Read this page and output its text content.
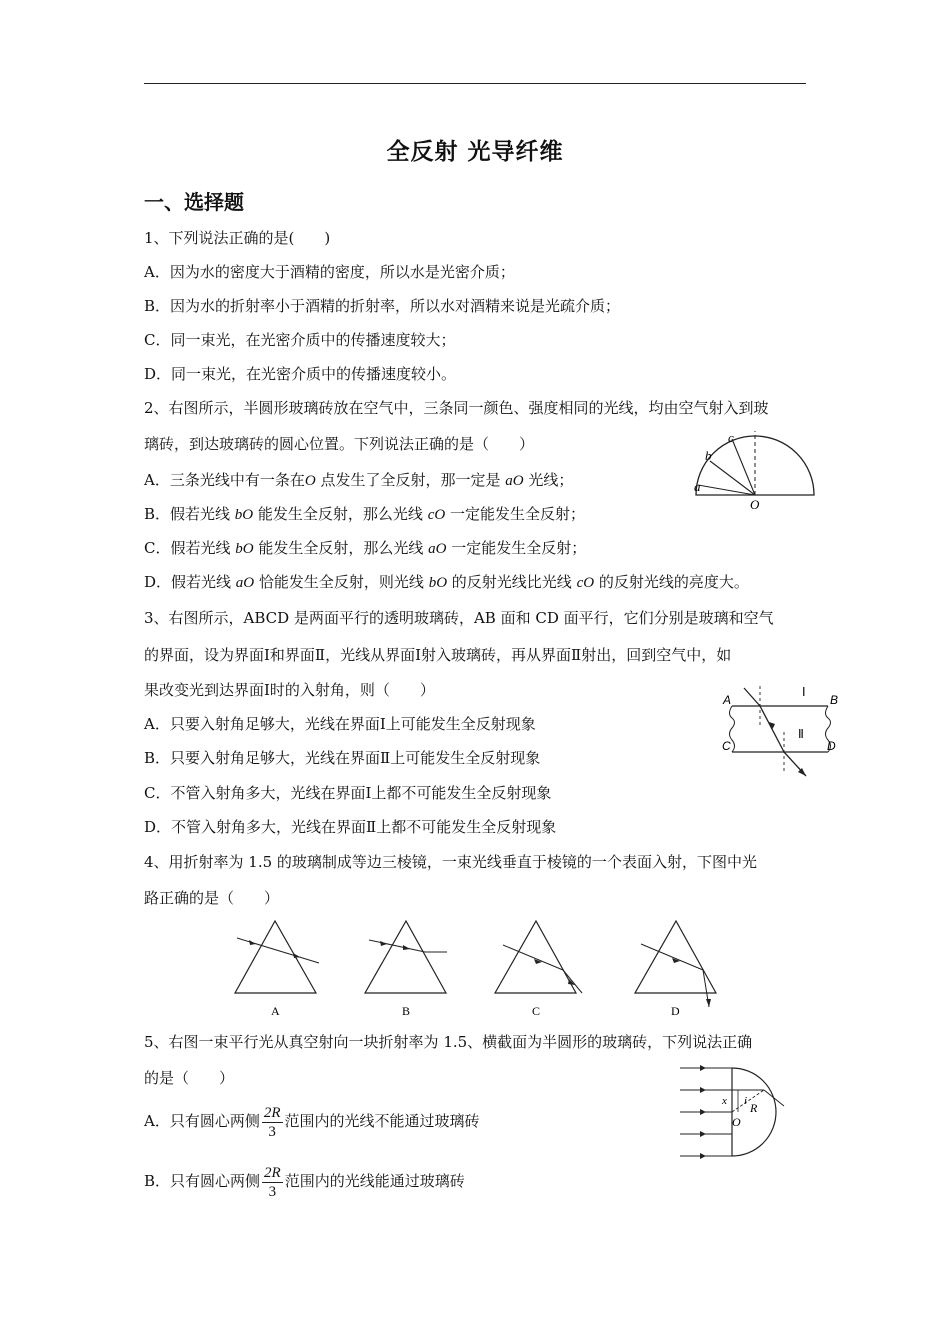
全反射 光导纤维
一、选择题
1、下列说法正确的是(　　)
A．因为水的密度大于酒精的密度，所以水是光密介质；
B．因为水的折射率小于酒精的折射率，所以水对酒精来说是光疏介质；
C．同一束光，在光密介质中的传播速度较大；
D．同一束光，在光密介质中的传播速度较小。
2、右图所示，半圆形玻璃砖放在空气中，三条同一颜色、强度相同的光线，均由空气射入到玻
璃砖，到达玻璃砖的圆心位置。下列说法正确的是（　　）
A．三条光线中有一条在O 点发生了全反射，那一定是 aO 光线；
B．假若光线 bO 能发生全反射，那么光线 cO 一定能发生全反射；
C．假若光线 bO 能发生全反射，那么光线 aO 一定能发生全反射；
D．假若光线 aO 恰能发生全反射，则光线 bO 的反射光线比光线 cO 的反射光线的亮度大。
a
b
c
O
3、右图所示，ABCD 是两面平行的透明玻璃砖，AB 面和 CD 面平行，它们分别是玻璃和空气
的界面，设为界面Ⅰ和界面Ⅱ，光线从界面Ⅰ射入玻璃砖，再从界面Ⅱ射出，回到空气中，如
果改变光到达界面Ⅰ时的入射角，则（　　）
A．只要入射角足够大，光线在界面Ⅰ上可能发生全反射现象
B．只要入射角足够大，光线在界面Ⅱ上可能发生全反射现象
C．不管入射角多大，光线在界面Ⅰ上都不可能发生全反射现象
D．不管入射角多大，光线在界面Ⅱ上都不可能发生全反射现象
A	B
C	D
Ⅰ
Ⅱ
4、用折射率为 1.5 的玻璃制成等边三棱镜，一束光线垂直于棱镜的一个表面入射，下图中光
路正确的是（　　）
A	B	C	D
5、右图一束平行光从真空射向一块折射率为 1.5、横截面为半圆形的玻璃砖，下列说法正确
的是（　　）
A．只有圆心两侧 $\frac{2R}{3}$ 范围内的光线不能通过玻璃砖
B．只有圆心两侧 $\frac{2R}{3}$ 范围内的光线能通过玻璃砖
x i R
O
